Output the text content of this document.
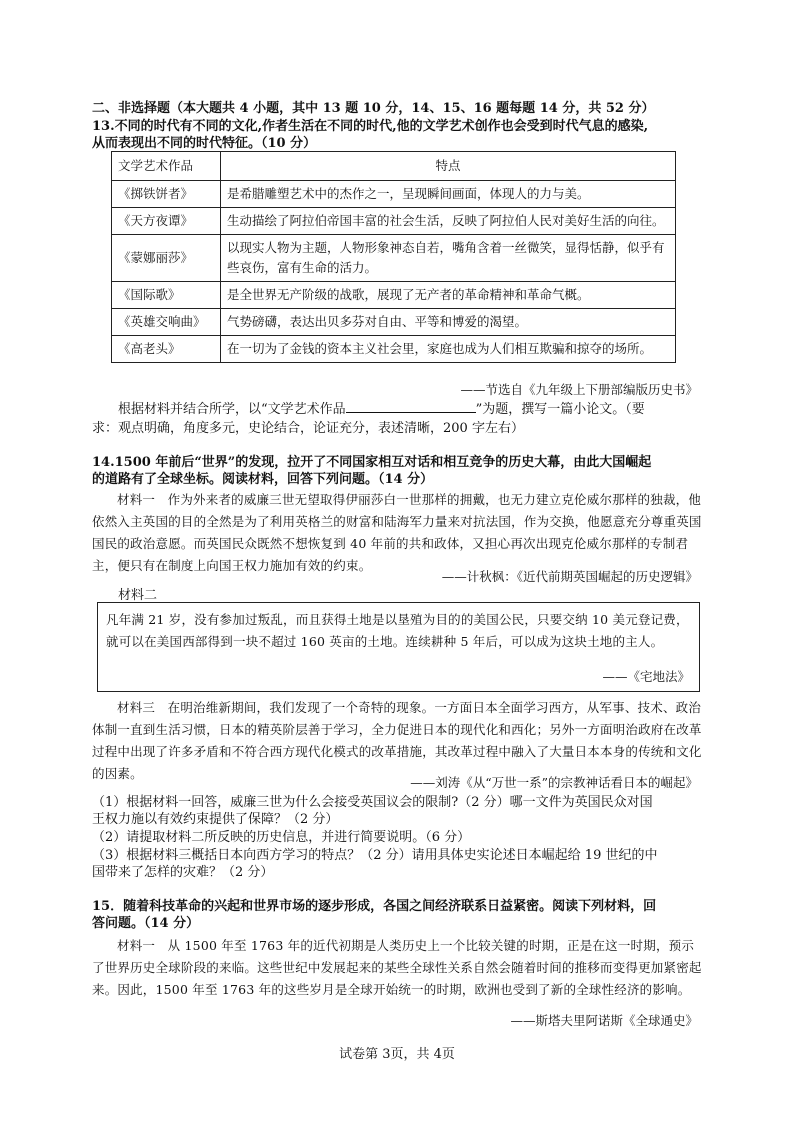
二、非选择题（本大题共 4 小题，其中 13 题 10 分，14、15、16 题每题 14 分，共 52 分）
13.不同的时代有不同的文化,作者生活在不同的时代,他的文学艺术创作也会受到时代气息的感染,
从而表现出不同的时代特征。（10 分）
文学艺术作品	特点
《掷铁饼者》	是希腊雕塑艺术中的杰作之一，呈现瞬间画面，体现人的力与美。
《天方夜谭》	生动描绘了阿拉伯帝国丰富的社会生活，反映了阿拉伯人民对美好生活的向往。
《蒙娜丽莎》	以现实人物为主题，人物形象神态自若，嘴角含着一丝微笑，显得恬静，似乎有些哀伤，富有生命的活力。
《国际歌》	是全世界无产阶级的战歌，展现了无产者的革命精神和革命气概。
《英雄交响曲》	气势磅礴，表达出贝多芬对自由、平等和博爱的渴望。
《高老头》	在一切为了金钱的资本主义社会里，家庭也成为人们相互欺骗和掠夺的场所。
——节选自《九年级上下册部编版历史书》
根据材料并结合所学，以“文学艺术作品	”为题，撰写一篇小论文。（要
求：观点明确，角度多元，史论结合，论证充分，表述清晰，200 字左右）
14.1500 年前后“世界”的发现，拉开了不同国家相互对话和相互竞争的历史大幕，由此大国崛起
的道路有了全球坐标。阅读材料，回答下列问题。（14 分）
材料一 作为外来者的威廉三世无望取得伊丽莎白一世那样的拥戴，也无力建立克伦威尔那样的独裁，他依然入主英国的目的全然是为了利用英格兰的财富和陆海军力量来对抗法国，作为交换，他愿意充分尊重英国国民的政治意愿。而英国民众既然不想恢复到 40 年前的共和政体，又担心再次出现克伦威尔那样的专制君主，便只有在制度上向国王权力施加有效的约束。
——计秋枫：《近代前期英国崛起的历史逻辑》
材料二
凡年满 21 岁，没有参加过叛乱，而且获得土地是以垦殖为目的的美国公民，只要交纳 10 美元登记费，就可以在美国西部得到一块不超过 160 英亩的土地。连续耕种 5 年后，可以成为这块土地的主人。
——《宅地法》
材料三 在明治维新期间，我们发现了一个奇特的现象。一方面日本全面学习西方，从军事、技术、政治体制一直到生活习惯，日本的精英阶层善于学习，全力促进日本的现代化和西化；另外一方面明治政府在改革过程中出现了许多矛盾和不符合西方现代化模式的改革措施，其改革过程中融入了大量日本本身的传统和文化的因素。
——刘涛《从“万世一系”的宗教神话看日本的崛起》
（1）根据材料一回答，威廉三世为什么会接受英国议会的限制?（2 分）哪一文件为英国民众对国
王权力施以有效约束提供了保障？（2 分）
（2）请提取材料二所反映的历史信息，并进行简要说明。（6 分）
（3）根据材料三概括日本向西方学习的特点？（2 分）请用具体史实论述日本崛起给 19 世纪的中
国带来了怎样的灾难？（2 分）
15．随着科技革命的兴起和世界市场的逐步形成，各国之间经济联系日益紧密。阅读下列材料，回
答问题。（14 分）
材料一 从 1500 年至 1763 年的近代初期是人类历史上一个比较关键的时期，正是在这一时期，预示了世界历史全球阶段的来临。这些世纪中发展起来的某些全球性关系自然会随着时间的推移而变得更加紧密起来。因此，1500 年至 1763 年的这些岁月是全球开始统一的时期，欧洲也受到了新的全球性经济的影响。
——斯塔夫里阿诺斯《全球通史》
试卷第 3页，共 4页
